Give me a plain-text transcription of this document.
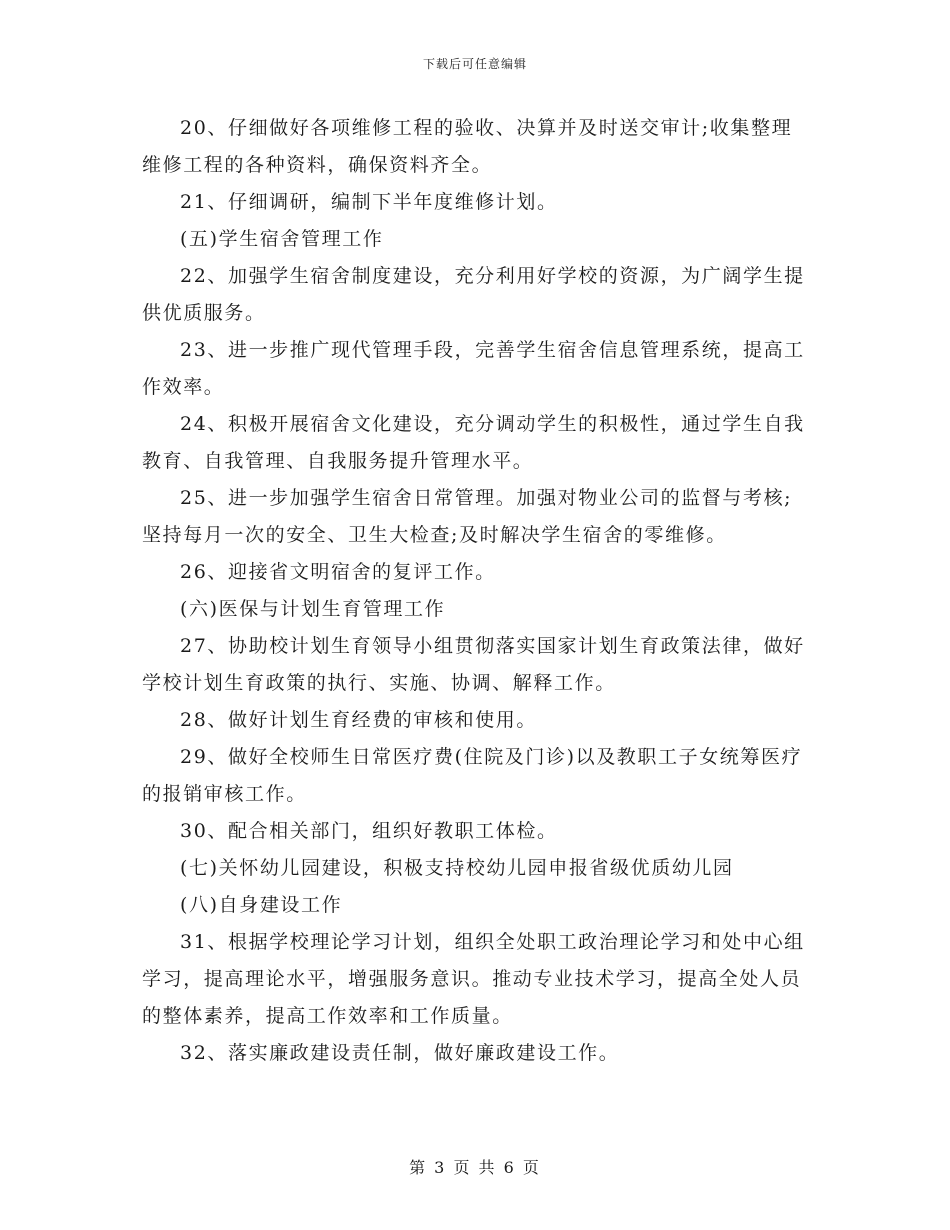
下载后可任意编辑

20、仔细做好各项维修工程的验收、决算并及时送交审计;收集整理维修工程的各种资料，确保资料齐全。

21、仔细调研，编制下半年度维修计划。

(五)学生宿舍管理工作

22、加强学生宿舍制度建设，充分利用好学校的资源，为广阔学生提供优质服务。

23、进一步推广现代管理手段，完善学生宿舍信息管理系统，提高工作效率。

24、积极开展宿舍文化建设，充分调动学生的积极性，通过学生自我教育、自我管理、自我服务提升管理水平。

25、进一步加强学生宿舍日常管理。加强对物业公司的监督与考核;坚持每月一次的安全、卫生大检查;及时解决学生宿舍的零维修。

26、迎接省文明宿舍的复评工作。

(六)医保与计划生育管理工作

27、协助校计划生育领导小组贯彻落实国家计划生育政策法律，做好学校计划生育政策的执行、实施、协调、解释工作。

28、做好计划生育经费的审核和使用。

29、做好全校师生日常医疗费(住院及门诊)以及教职工子女统筹医疗的报销审核工作。

30、配合相关部门，组织好教职工体检。

(七)关怀幼儿园建设，积极支持校幼儿园申报省级优质幼儿园

(八)自身建设工作

31、根据学校理论学习计划，组织全处职工政治理论学习和处中心组学习，提高理论水平，增强服务意识。推动专业技术学习，提高全处人员的整体素养，提高工作效率和工作质量。

32、落实廉政建设责任制，做好廉政建设工作。

第 3 页 共 6 页
